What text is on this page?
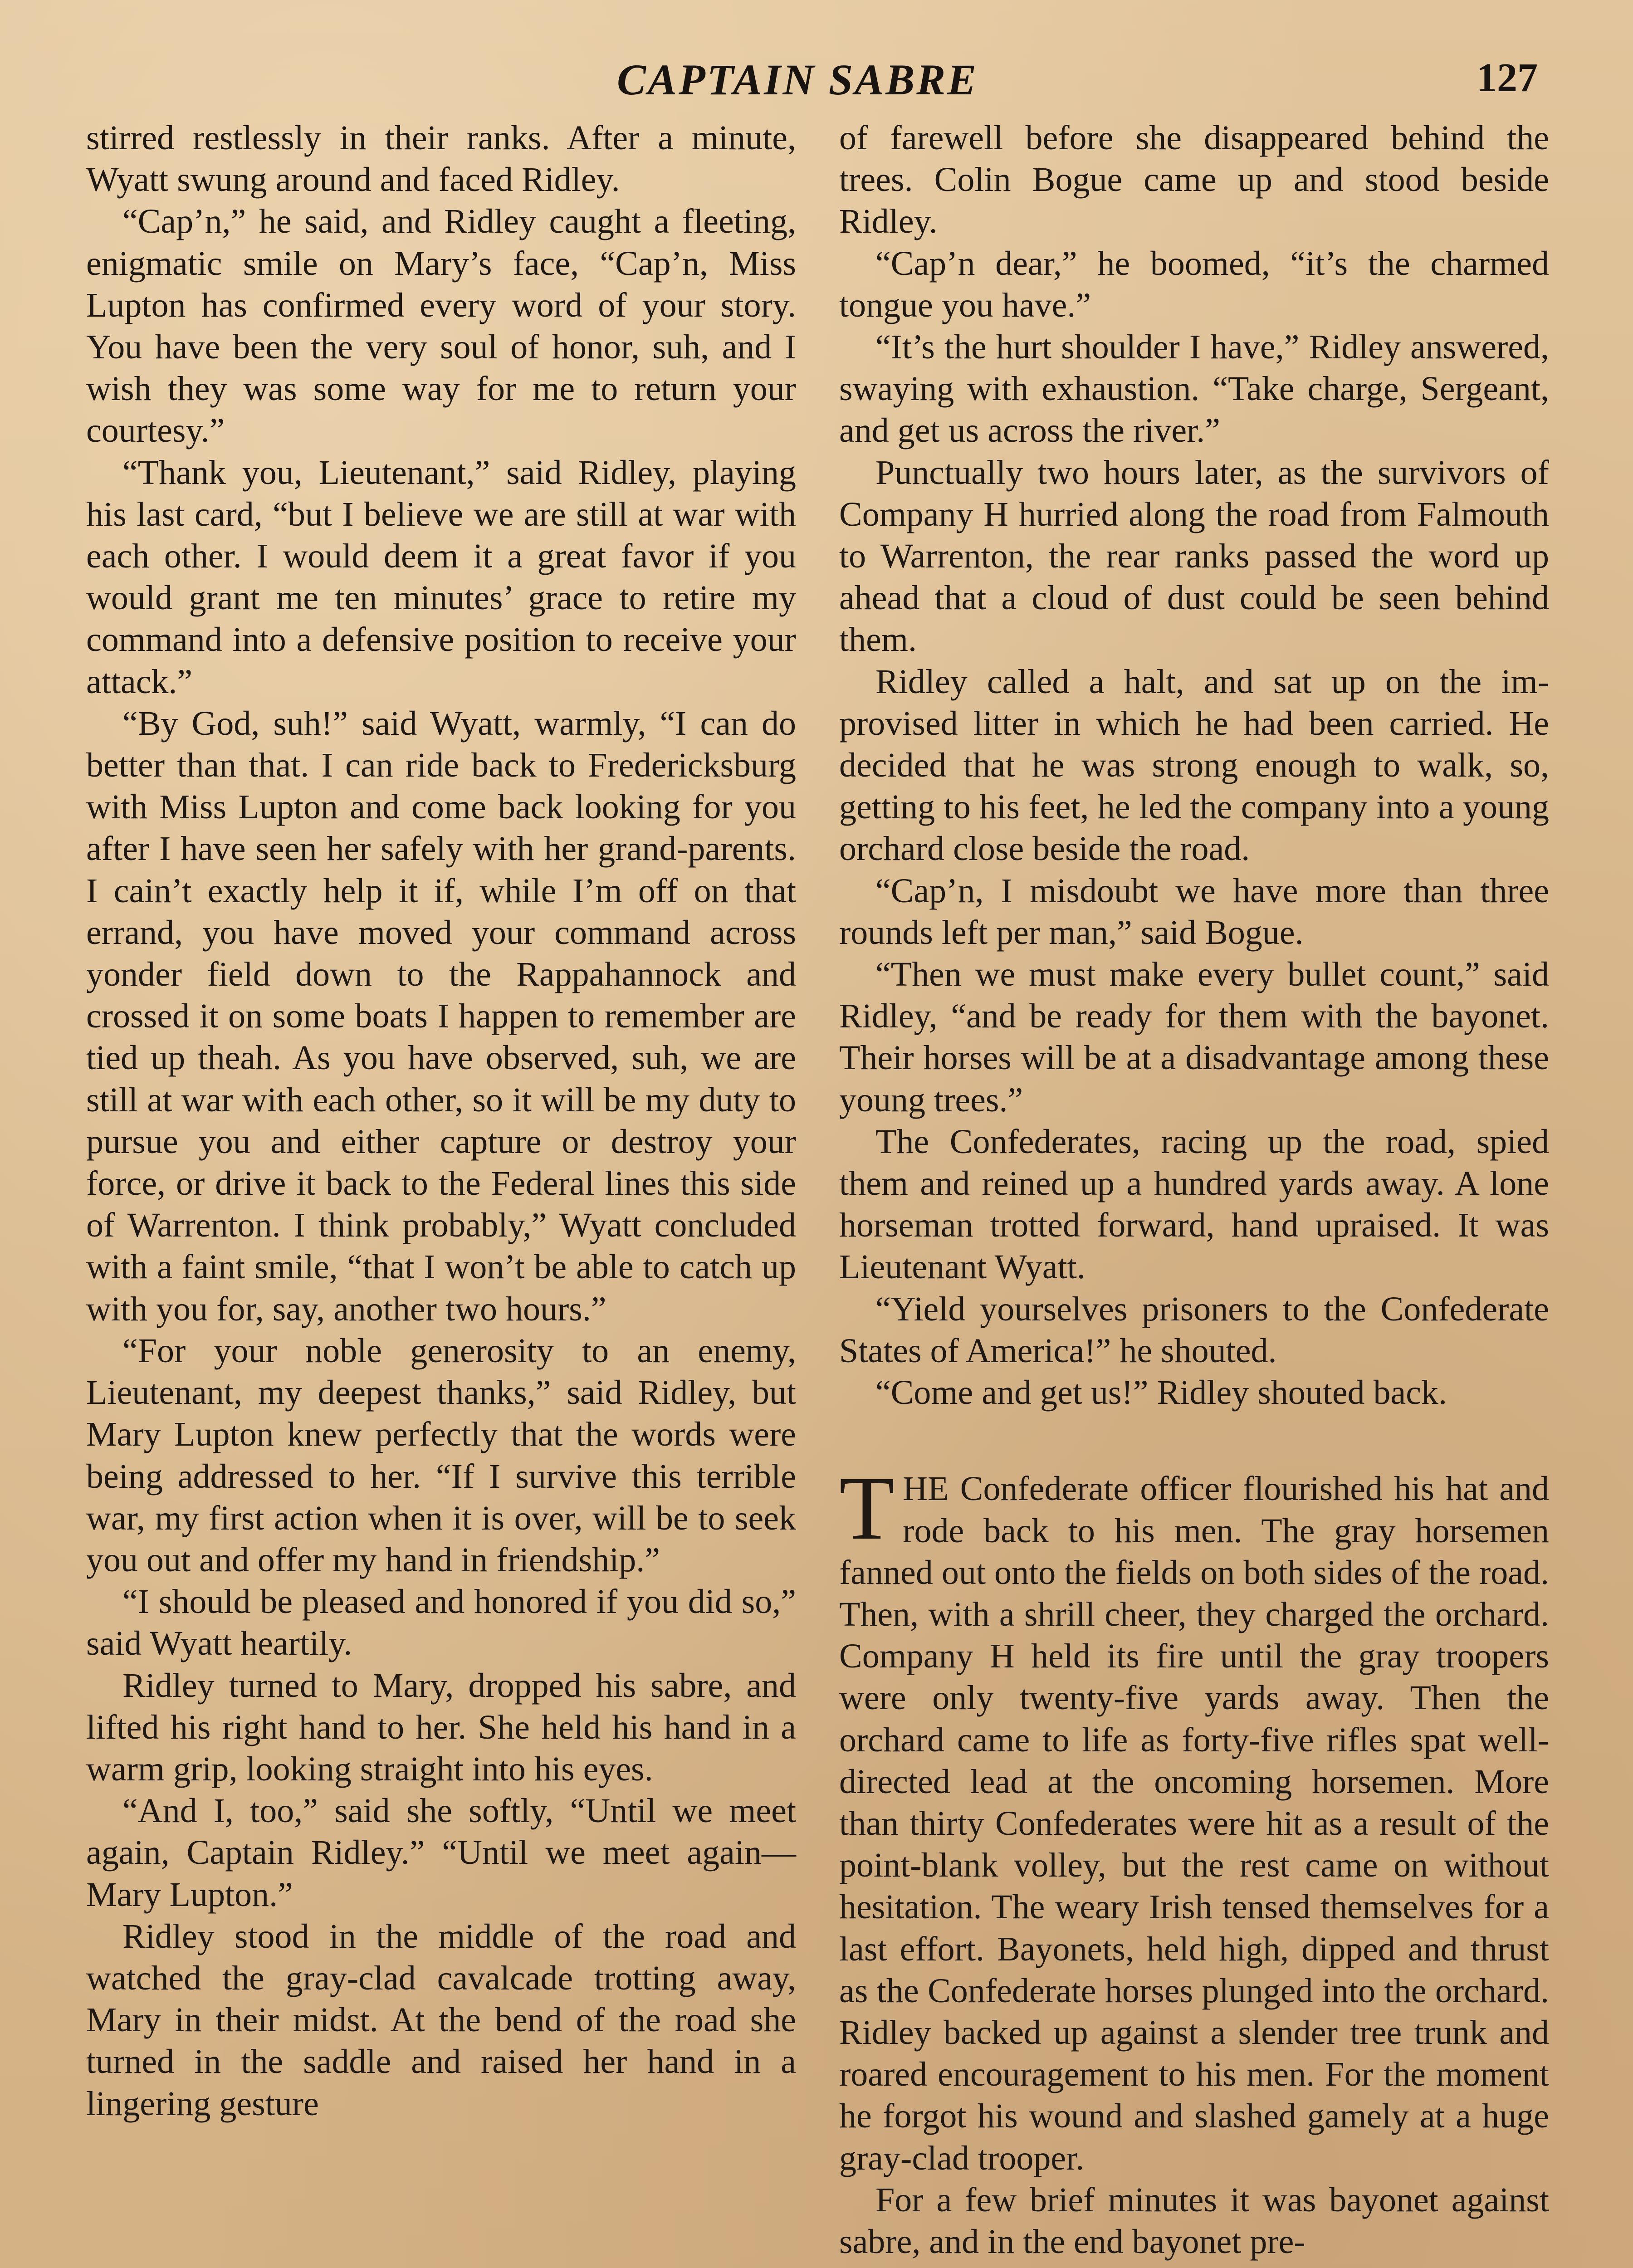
CAPTAIN SABRE	127

stirred restlessly in their ranks. After a minute, Wyatt swung around and faced Ridley.

“Cap’n,” he said, and Ridley caught a fleeting, enigmatic smile on Mary’s face, “Cap’n, Miss Lupton has confirmed every word of your story. You have been the very soul of honor, suh, and I wish they was some way for me to return your courtesy.”

“Thank you, Lieutenant,” said Ridley, playing his last card, “but I believe we are still at war with each other. I would deem it a great favor if you would grant me ten minutes’ grace to retire my command into a defensive position to receive your attack.”

“By God, suh!” said Wyatt, warmly, “I can do better than that. I can ride back to Fredericksburg with Miss Lupton and come back looking for you after I have seen her safely with her grand-parents. I cain’t exactly help it if, while I’m off on that errand, you have moved your command across yonder field down to the Rappahannock and crossed it on some boats I happen to remember are tied up theah. As you have observed, suh, we are still at war with each other, so it will be my duty to pursue you and either capture or destroy your force, or drive it back to the Federal lines this side of Warrenton. I think probably,” Wyatt concluded with a faint smile, “that I won’t be able to catch up with you for, say, another two hours.”

“For your noble generosity to an enemy, Lieutenant, my deepest thanks,” said Ridley, but Mary Lupton knew perfectly that the words were being addressed to her. “If I survive this terrible war, my first action when it is over, will be to seek you out and offer my hand in friendship.”

“I should be pleased and honored if you did so,” said Wyatt heartily.

Ridley turned to Mary, dropped his sabre, and lifted his right hand to her. She held his hand in a warm grip, looking straight into his eyes.

“And I, too,” said she softly, “Until we meet again, Captain Ridley.” “Until we meet again—Mary Lupton.”

Ridley stood in the middle of the road and watched the gray-clad cavalcade trotting away, Mary in their midst. At the bend of the road she turned in the saddle and raised her hand in a lingering gesture

of farewell before she disappeared behind the trees. Colin Bogue came up and stood beside Ridley.

“Cap’n dear,” he boomed, “it’s the charmed tongue you have.”

“It’s the hurt shoulder I have,” Ridley answered, swaying with exhaustion. “Take charge, Sergeant, and get us across the river.”

Punctually two hours later, as the survivors of Company H hurried along the road from Falmouth to Warrenton, the rear ranks passed the word up ahead that a cloud of dust could be seen behind them.

Ridley called a halt, and sat up on the improvised litter in which he had been carried. He decided that he was strong enough to walk, so, getting to his feet, he led the company into a young orchard close beside the road.

“Cap’n, I misdoubt we have more than three rounds left per man,” said Bogue.

“Then we must make every bullet count,” said Ridley, “and be ready for them with the bayonet. Their horses will be at a disadvantage among these young trees.”

The Confederates, racing up the road, spied them and reined up a hundred yards away. A lone horseman trotted forward, hand upraised. It was Lieutenant Wyatt.

“Yield yourselves prisoners to the Confederate States of America!” he shouted.

“Come and get us!” Ridley shouted back.

THE Confederate officer flourished his hat and rode back to his men. The gray horsemen fanned out onto the fields on both sides of the road. Then, with a shrill cheer, they charged the orchard. Company H held its fire until the gray troopers were only twenty-five yards away. Then the orchard came to life as forty-five rifles spat well-directed lead at the oncoming horsemen. More than thirty Confederates were hit as a result of the point-blank volley, but the rest came on without hesitation. The weary Irish tensed themselves for a last effort. Bayonets, held high, dipped and thrust as the Confederate horses plunged into the orchard. Ridley backed up against a slender tree trunk and roared encouragement to his men. For the moment he forgot his wound and slashed gamely at a huge gray-clad trooper.

For a few brief minutes it was bayonet against sabre, and in the end bayonet pre-
